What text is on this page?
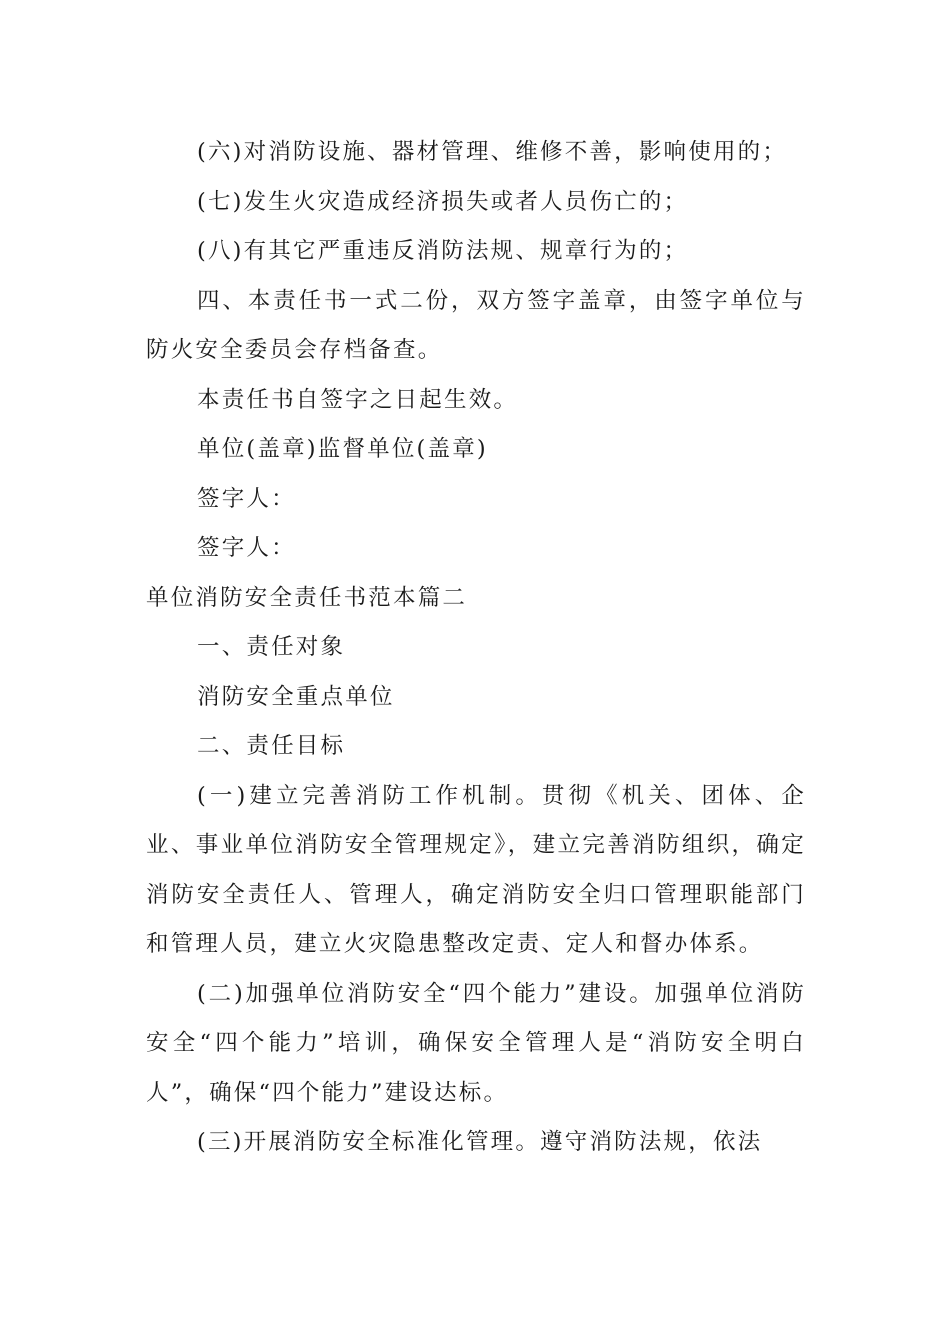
(六)对消防设施、器材管理、维修不善，影响使用的；

(七)发生火灾造成经济损失或者人员伤亡的；

(八)有其它严重违反消防法规、规章行为的；

四、本责任书一式二份，双方签字盖章，由签字单位与防火安全委员会存档备查。

本责任书自签字之日起生效。

单位(盖章)监督单位(盖章)

签字人：

签字人：

单位消防安全责任书范本篇二

一、责任对象

消防安全重点单位

二、责任目标

(一)建立完善消防工作机制。贯彻《机关、团体、企业、事业单位消防安全管理规定》，建立完善消防组织，确定消防安全责任人、管理人，确定消防安全归口管理职能部门和管理人员，建立火灾隐患整改定责、定人和督办体系。

(二)加强单位消防安全“四个能力”建设。加强单位消防安全“四个能力”培训，确保安全管理人是“消防安全明白人”，确保“四个能力”建设达标。

(三)开展消防安全标准化管理。遵守消防法规，依法
